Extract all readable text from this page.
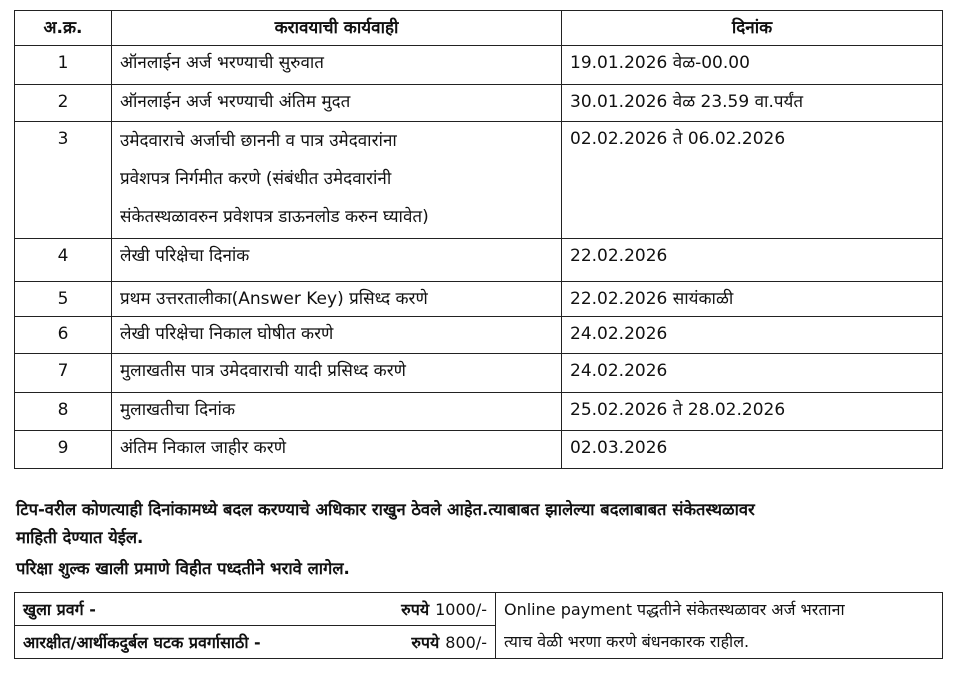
अ.क्र.	करावयाची कार्यवाही	दिनांक
1	ऑनलाईन अर्ज भरण्याची सुरुवात	19.01.2026 वेळ-00.00
2	ऑनलाईन अर्ज भरण्याची अंतिम मुदत	30.01.2026 वेळ 23.59 वा.पर्यंत
3	उमेदवाराचे अर्जाची छाननी व पात्र उमेदवारांना
प्रवेशपत्र निर्गमीत करणे (संबंधीत उमेदवारांनी
संकेतस्थळावरुन प्रवेशपत्र डाऊनलोड करुन घ्यावेत)	02.02.2026 ते 06.02.2026
4	लेखी परिक्षेचा दिनांक	22.02.2026
5	प्रथम उत्तरतालीका(Answer Key) प्रसिध्द करणे	22.02.2026 सायंकाळी
6	लेखी परिक्षेचा निकाल घोषीत करणे	24.02.2026
7	मुलाखतीस पात्र उमेदवाराची यादी प्रसिध्द करणे	24.02.2026
8	मुलाखतीचा दिनांक	25.02.2026 ते 28.02.2026
9	अंतिम निकाल जाहीर करणे	02.03.2026

टिप-वरील कोणत्याही दिनांकामध्ये बदल करण्याचे अधिकार राखुन ठेवले आहेत.त्याबाबत झालेल्या बदलाबाबत संकेतस्थळावर

माहिती देण्यात येईल.

परिक्षा शुल्क खाली प्रमाणे विहीत पध्दतीने भरावे लागेल.

खुला प्रवर्ग -	रुपये 1000/-	Online payment पद्धतीने संकेतस्थळावर अर्ज भरताना
त्याच वेळी भरणा करणे बंधनकारक राहील.

आरक्षीत/आर्थीकदुर्बल घटक प्रवर्गासाठी -	रुपये 800/-
